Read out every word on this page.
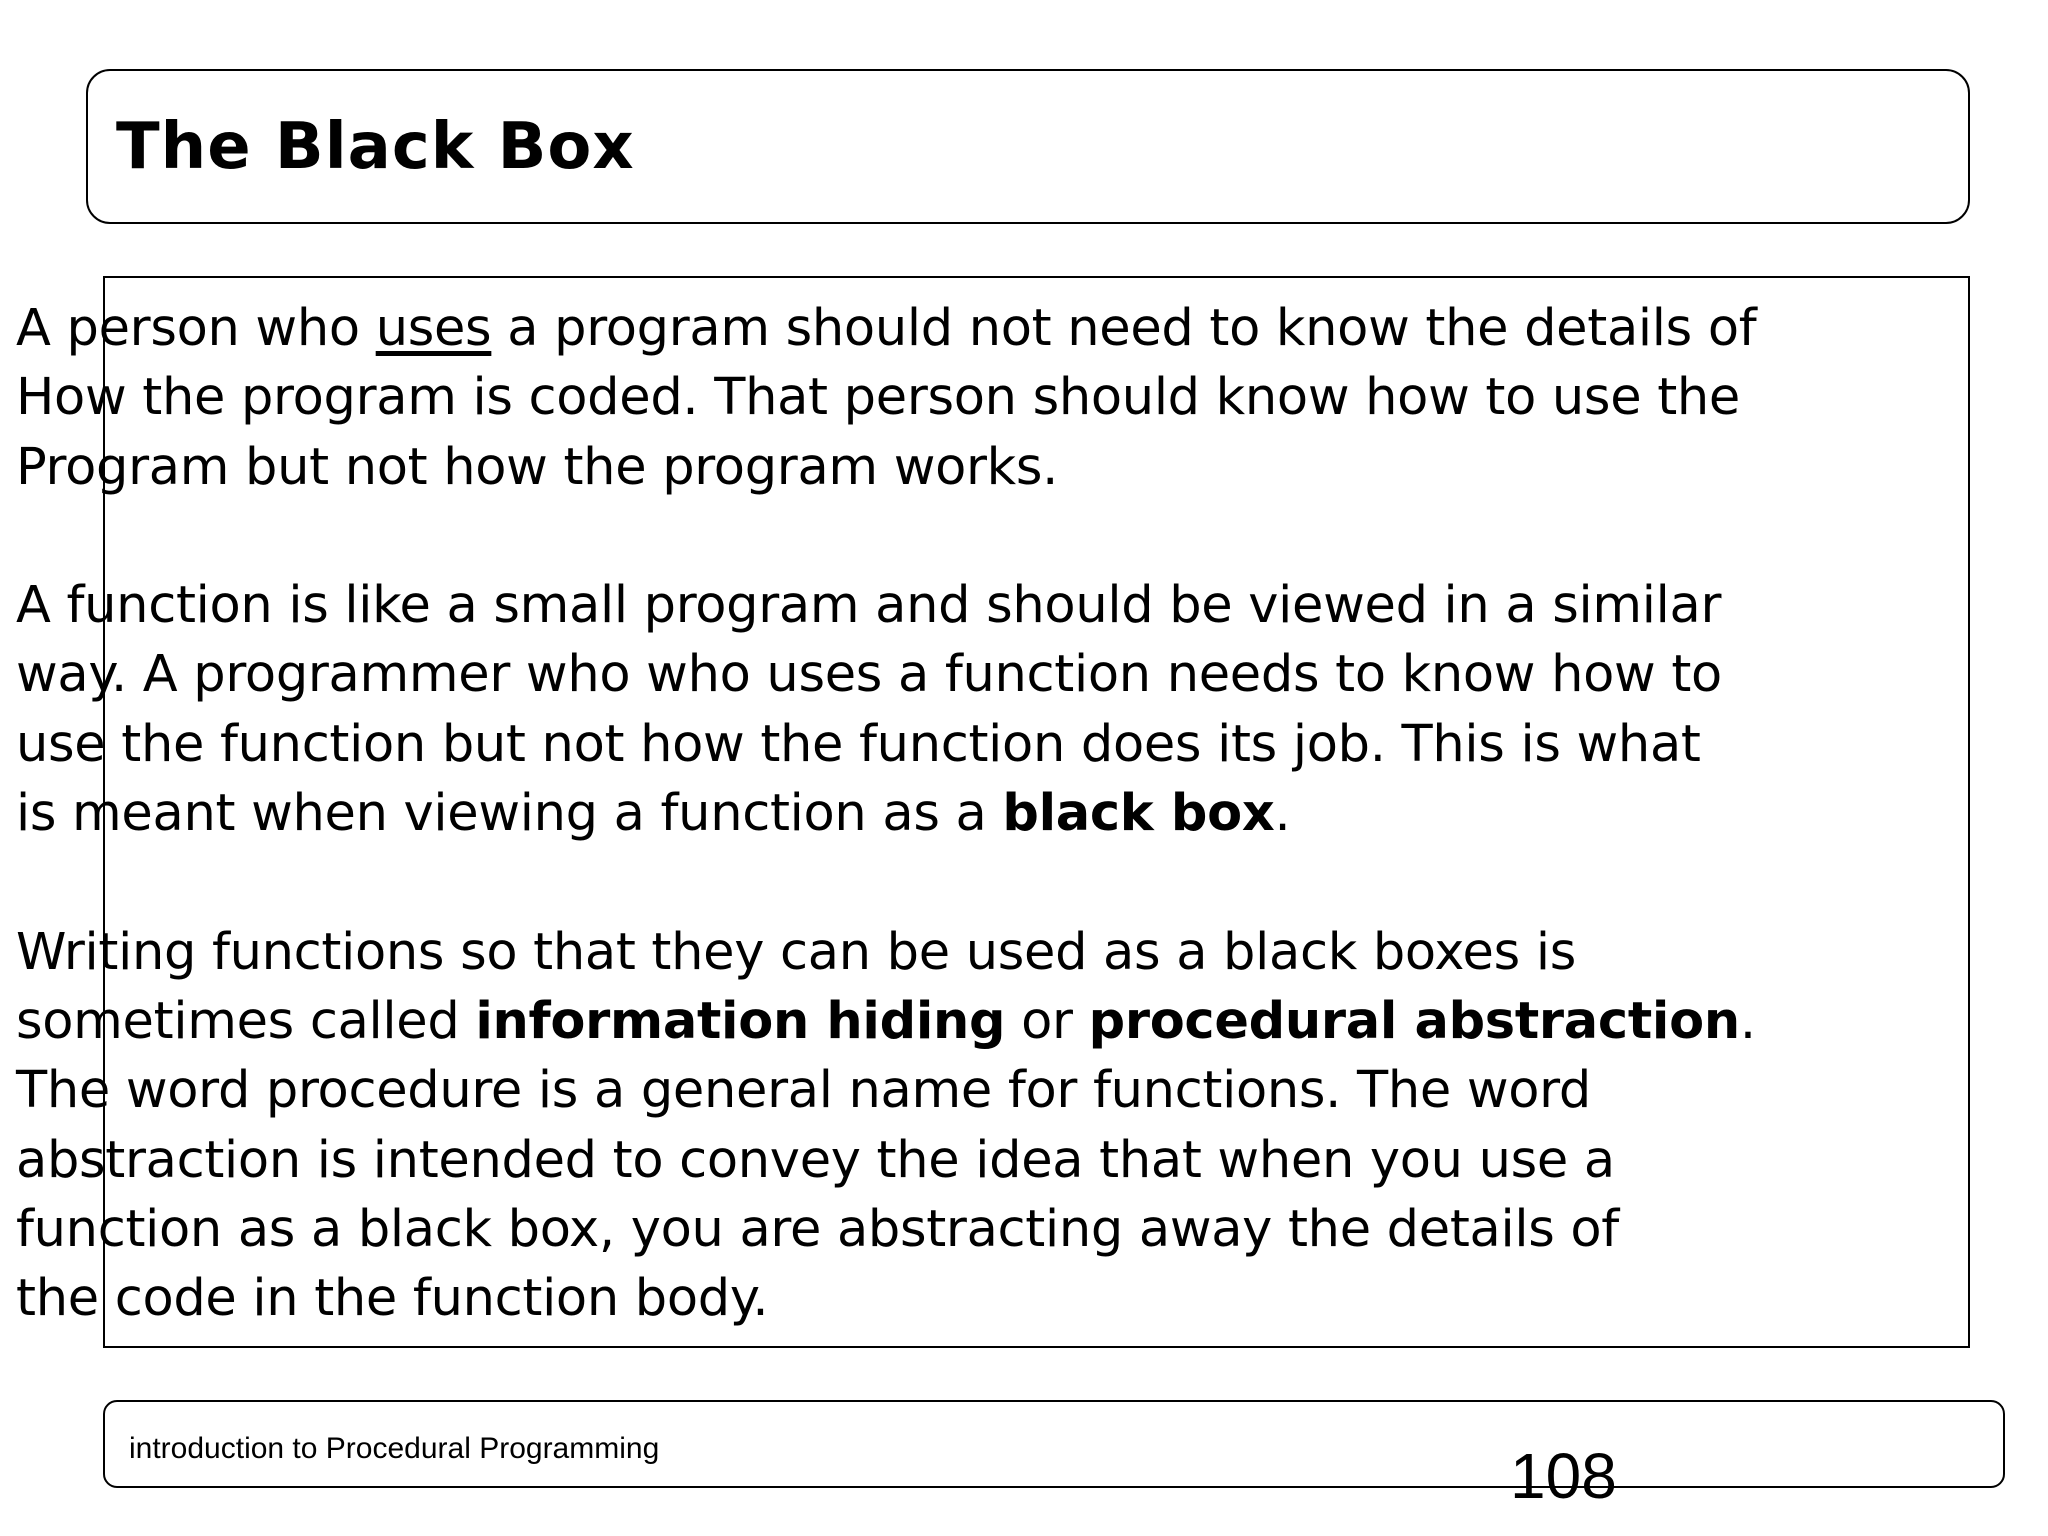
The Black Box

A person who uses a program should not need to know the details of
How the program is coded. That person should know how to use the
Program but not how the program works.

A function is like a small program and should be viewed in a similar
way. A programmer who who uses a function needs to know how to
use the function but not how the function does its job. This is what
is meant when viewing a function as a black box.

Writing functions so that they can be used as a black boxes is
sometimes called information hiding or procedural abstraction.
The word procedure is a general name for functions. The word
abstraction is intended to convey the idea that when you use a
function as a black box, you are abstracting away the details of
the code in the function body.

introduction to Procedural Programming	108
